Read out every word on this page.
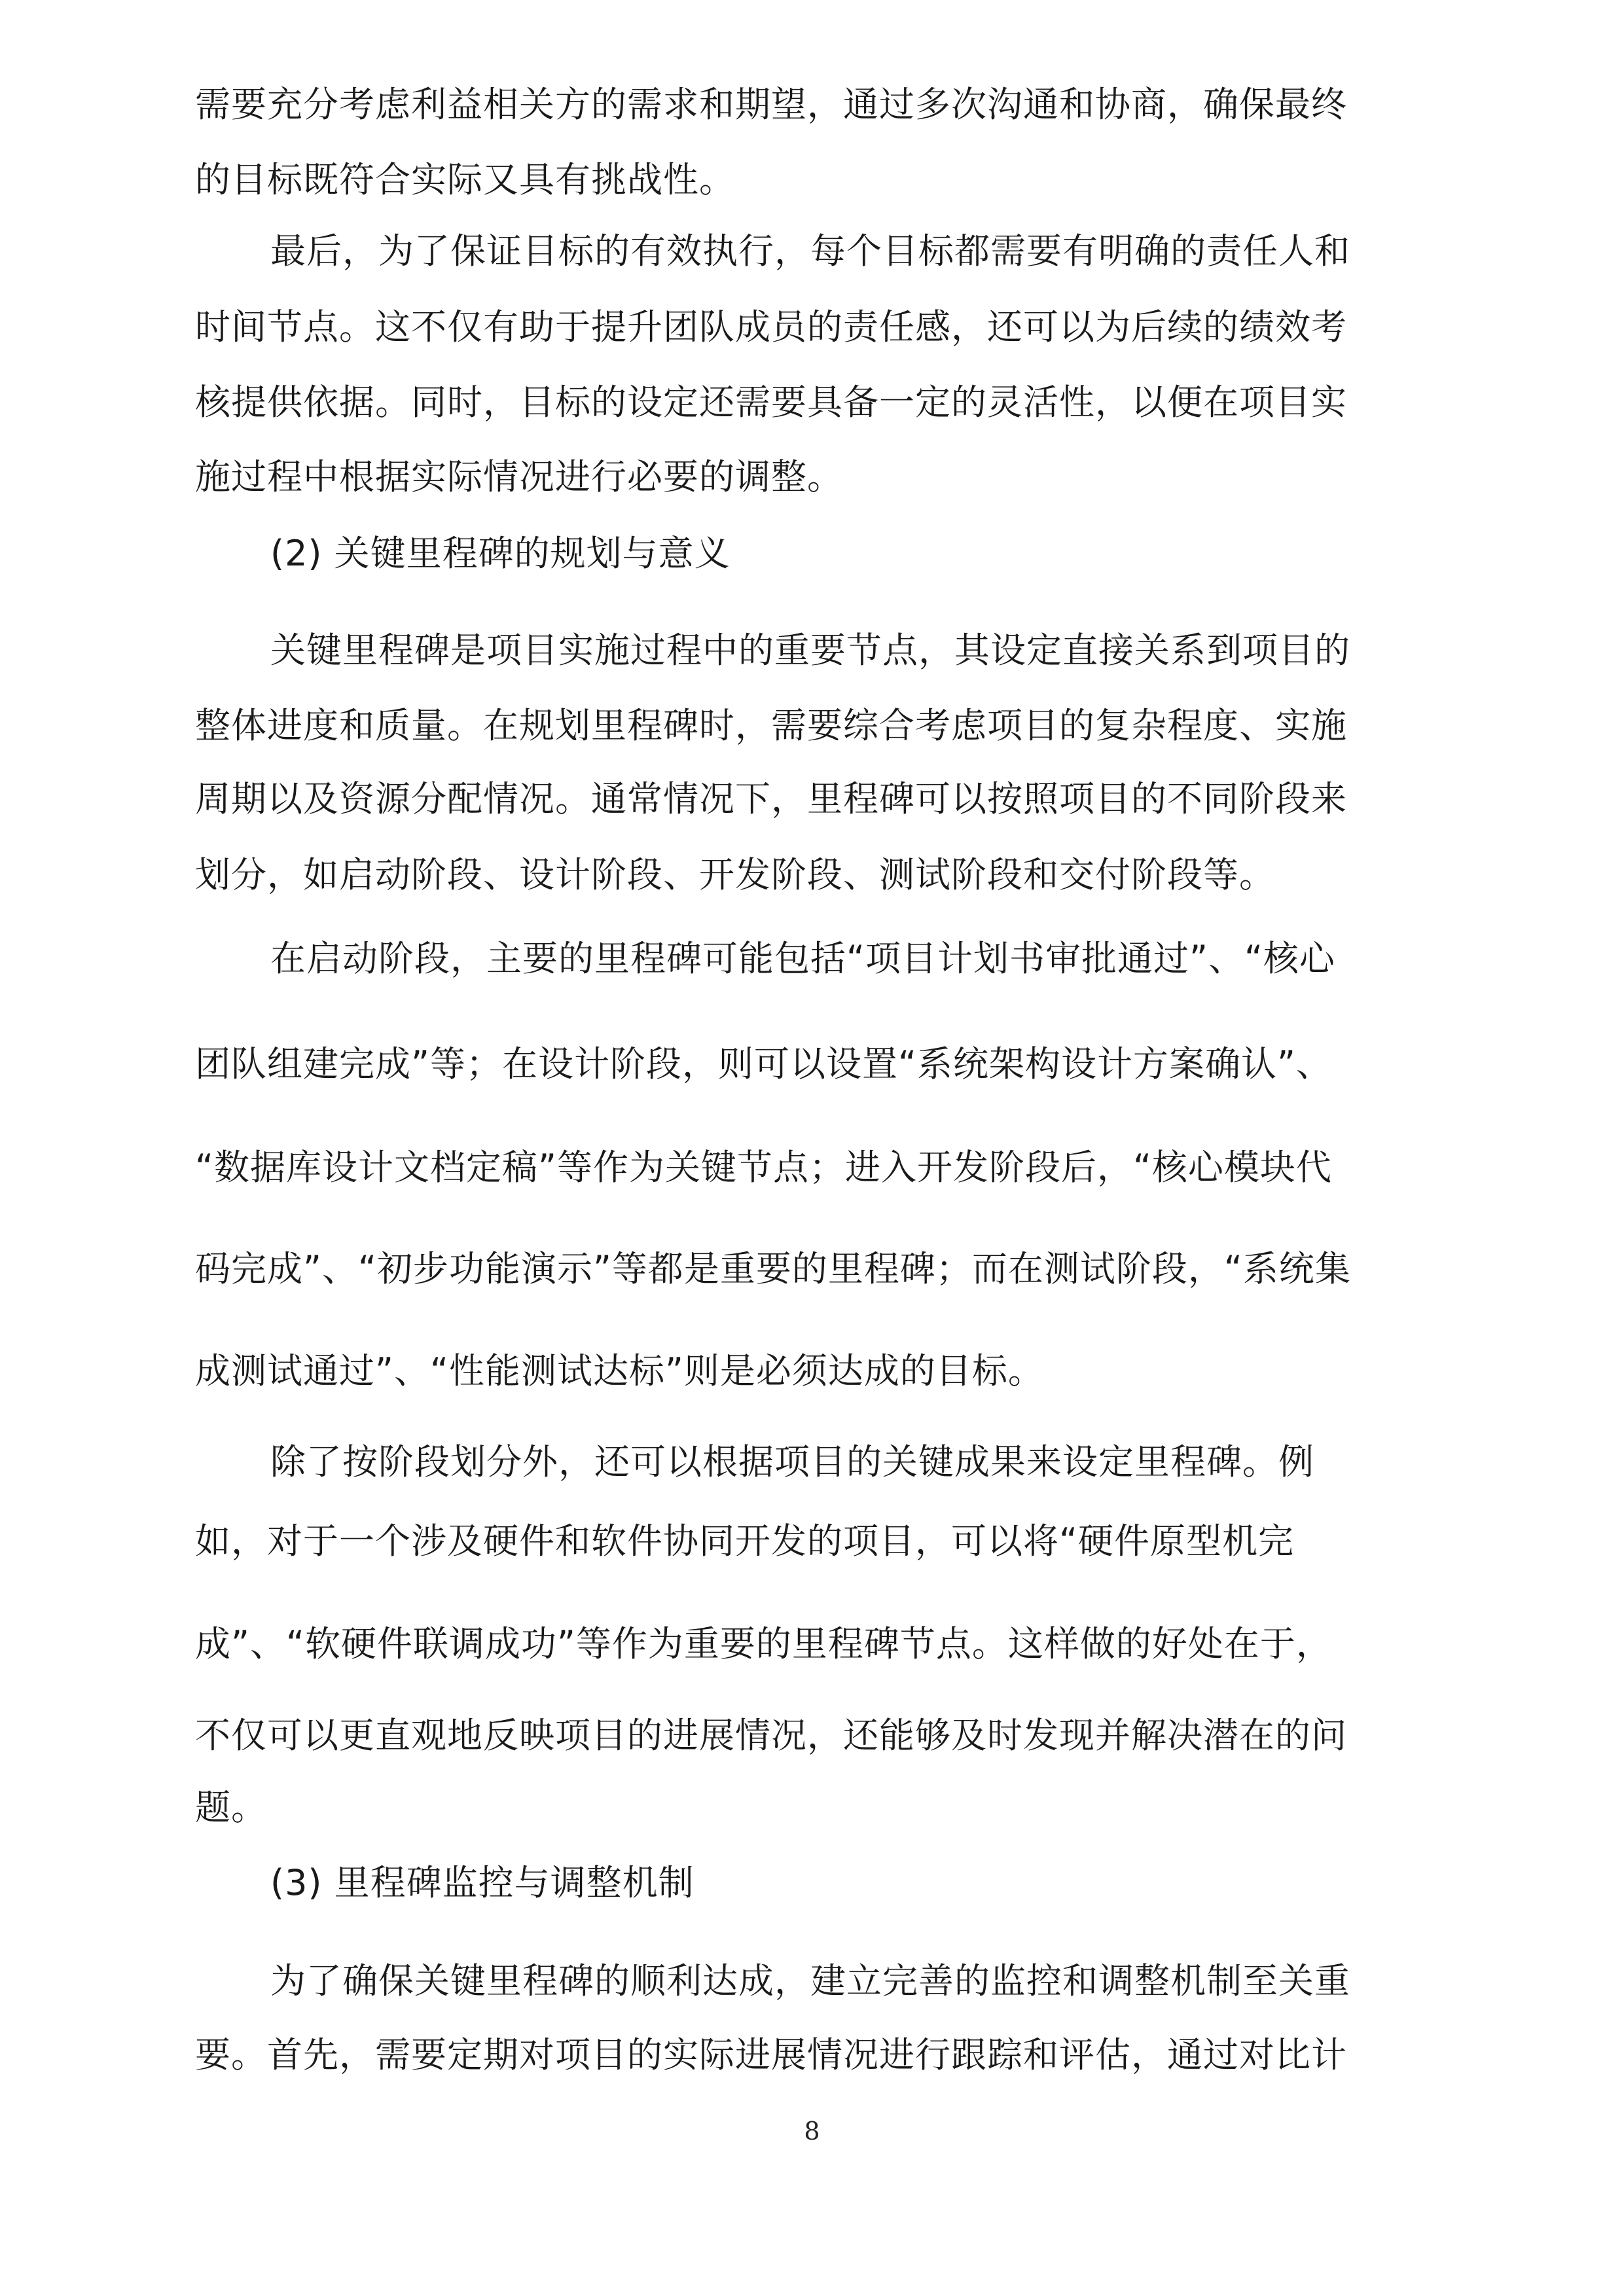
需要充分考虑利益相关方的需求和期望，通过多次沟通和协商，确保最终
的目标既符合实际又具有挑战性。
最后，为了保证目标的有效执行，每个目标都需要有明确的责任人和
时间节点。这不仅有助于提升团队成员的责任感，还可以为后续的绩效考
核提供依据。同时，目标的设定还需要具备一定的灵活性，以便在项目实
施过程中根据实际情况进行必要的调整。
(2) 关键里程碑的规划与意义
关键里程碑是项目实施过程中的重要节点，其设定直接关系到项目的
整体进度和质量。在规划里程碑时，需要综合考虑项目的复杂程度、实施
周期以及资源分配情况。通常情况下，里程碑可以按照项目的不同阶段来
划分，如启动阶段、设计阶段、开发阶段、测试阶段和交付阶段等。
在启动阶段，主要的里程碑可能包括“项目计划书审批通过”、“核心
团队组建完成”等；在设计阶段，则可以设置“系统架构设计方案确认”、
“数据库设计文档定稿”等作为关键节点；进入开发阶段后，“核心模块代
码完成”、“初步功能演示”等都是重要的里程碑；而在测试阶段，“系统集
成测试通过”、“性能测试达标”则是必须达成的目标。
除了按阶段划分外，还可以根据项目的关键成果来设定里程碑。例
如，对于一个涉及硬件和软件协同开发的项目，可以将“硬件原型机完
成”、“软硬件联调成功”等作为重要的里程碑节点。这样做的好处在于，
不仅可以更直观地反映项目的进展情况，还能够及时发现并解决潜在的问
题。
(3) 里程碑监控与调整机制
为了确保关键里程碑的顺利达成，建立完善的监控和调整机制至关重
要。首先，需要定期对项目的实际进展情况进行跟踪和评估，通过对比计
8
